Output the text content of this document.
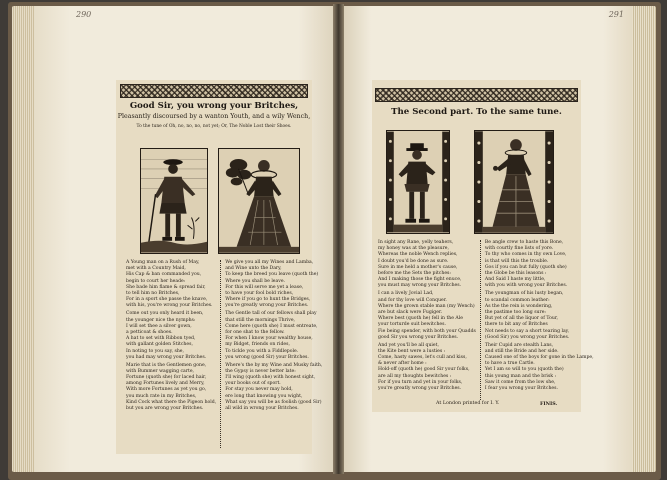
290
Good Sir, you wrong your Britches,
Pleasantly discoursed by a wanton Youth, and a wily Wench,
To the tune of Oh, no, no, no, not yet; Or, The Noble Lost their Shoes.
A Young man on a Rush of May,
met with a Country Maid,
His Cap & ban commanded you,
begin to court her heade:
She bade him flame & spread fair,
to tell him no Britches,
For in a sport she passe the knave,
with his, you're wrong your Britches.
Come out you only heard it been,
the younger nice the nymphs:
I will set thee a silver gown,
a petticoat & shoes.
A hat to set with Ribbon tyed,
with gallant golden Stitches,
In noting to you say, she,
you had may wrong your Britches.
Marie that is the Gentlemen gone,
with Bummer wagging carte,
Fortune (quoth she) for laced hair,
among Fortunes lively and Merry,
With more Fortunes as yet you go,
you much rate in my Britches,
Kind Cock what there the Pigeon hold,
but you are wrong your Britches.
We give you all my Wines and Lamba,
and Wine unto the Dary,
To keep the breed you leave (quoth the)
Where you shall be leave.
For this will serve me yet a lease,
to have your fool bold riches,
Where if you go to hunt the Bridges,
you're greatly wrong your Britches.
The Gentle tall of our fellows shall play
that still the mornings Thrive,
Come here (quoth she) I must entreate,
for one shat to the fellow.
For when I know your wealthy house,
my Bidget, friends on rides,
To tickle you with a Fiddlepole.
you wrong (good Sir) your Britches.
Where's the by my Wine and Musky faith,
the Gypsy is never better late:
I'll wing (quoth she) with honest sight,
your books out of sport.
For stay you never may hold,
ere long that knowing you wight,
What say you will be as foolish (good Sir)
all wild in wrong your Britches.
291
The Second part. To the same tune.
In sight any Rane, yelly teahers,
my honey was at the pleasure,
Whereas the noble Wench replies,
I doubt you'd be done as sure.
Sure in me held a mother's cause,
before me the Sets the pitches:
And I making those the fight enuce,
you must may wrong your Britches.
I can a lively Jovial Lad,
and for thy love will Conquer.
Where the grown stable man (my Wench)
are but slack were Fugiger.
Where best (quoth he) fell in the Ale
your torturde suit bewitches.
Fie being spender, with both your Quadds
good Sir you wrong your Britches.
And yet you'll be all quiet,
the Kite bent were a lusties :
Come, hasty sawes, let's cull and kiss,
& never after home :
Hold-off (quoth he) good Sir your folks,
are all my thoughts bewitches :
For if you turn and yet in your folks,
you're greatly wrong your Britches.
Be angle crew to haste this Bone,
with courtly fine lists of yore.
To thy who comes in thy own Love,
is that will this the trouble.
Gos if you can but fully (quoth she)
the Globe be this leasons :
And Said I haste my little,
with you with wrong your Britches.
The youngman of his lusty began,
to scandal common leather:
As the the rein is wondering,
the pastime too long sure:
But yet of all the liquor of Tour,
there to bit any of Britches
Not needs to say a short tearing lay,
(Good Sir) you wrong your Britches.
Their Cupid are stealth Lans,
and still the Bride and her side.
Caused one of the boys for gone in the Lampe,
to have a true Cartle.
Yet I am so will to you (quoth the)
this young man and the brisk :
Saw it come from the low she,
I fear you wrong your Britches.
At London printed for I. Y.	FINIS.
